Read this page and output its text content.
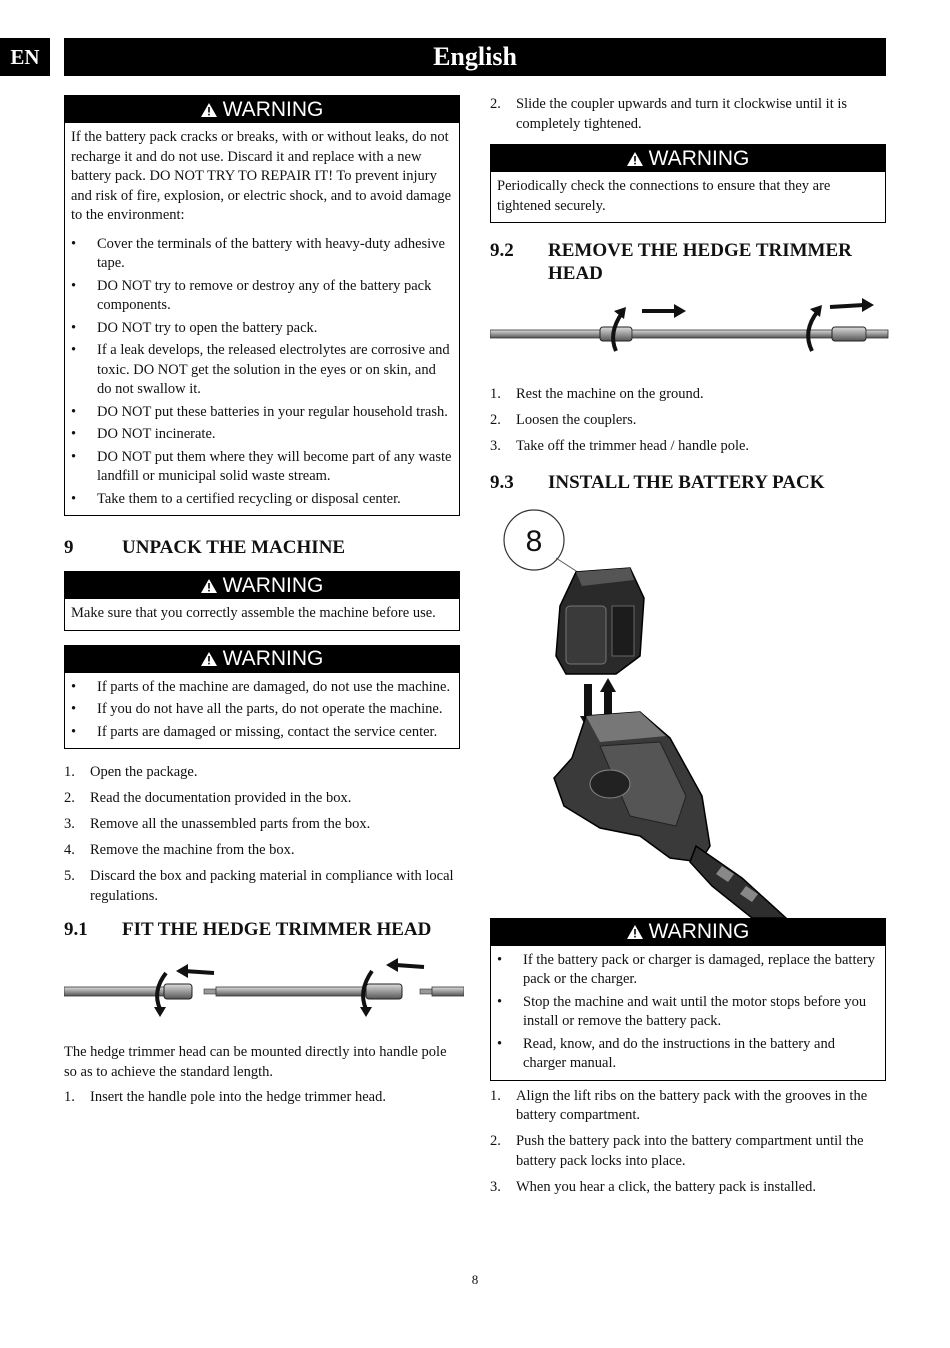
EN	English
WARNING

If the battery pack cracks or breaks, with or without leaks, do not recharge it and do not use. Discard it and replace with a new battery pack. DO NOT TRY TO REPAIR IT! To prevent injury and risk of fire, explosion, or electric shock, and to avoid damage to the environment:

• Cover the terminals of the battery with heavy-duty adhesive tape.
• DO NOT try to remove or destroy any of the battery pack components.
• DO NOT try to open the battery pack.
• If a leak develops, the released electrolytes are corrosive and toxic. DO NOT get the solution in the eyes or on skin, and do not swallow it.
• DO NOT put these batteries in your regular household trash.
• DO NOT incinerate.
• DO NOT put them where they will become part of any waste landfill or municipal solid waste stream.
• Take them to a certified recycling or disposal center.
9	UNPACK THE MACHINE
WARNING

Make sure that you correctly assemble the machine before use.

WARNING
• If parts of the machine are damaged, do not use the machine.
• If you do not have all the parts, do not operate the machine.
• If parts are damaged or missing, contact the service center.
1. Open the package.
2. Read the documentation provided in the box.
3. Remove all the unassembled parts from the box.
4. Remove the machine from the box.
5. Discard the box and packing material in compliance with local regulations.
9.1	FIT THE HEDGE TRIMMER HEAD

The hedge trimmer head can be mounted directly into handle pole so as to achieve the standard length.

1. Insert the handle pole into the hedge trimmer head.
2. Slide the coupler upwards and turn it clockwise until it is completely tightened.
WARNING

Periodically check the connections to ensure that they are tightened securely.

9.2	REMOVE THE HEDGE TRIMMER HEAD
1. Rest the machine on the ground.
2. Loosen the couplers.
3. Take off the trimmer head / handle pole.
9.3	INSTALL THE BATTERY PACK
8
WARNING
• If the battery pack or charger is damaged, replace the battery pack or the charger.
• Stop the machine and wait until the motor stops before you install or remove the battery pack.
• Read, know, and do the instructions in the battery and charger manual.
1. Align the lift ribs on the battery pack with the grooves in the battery compartment.
2. Push the battery pack into the battery compartment until the battery pack locks into place.
3. When you hear a click, the battery pack is installed.
8
